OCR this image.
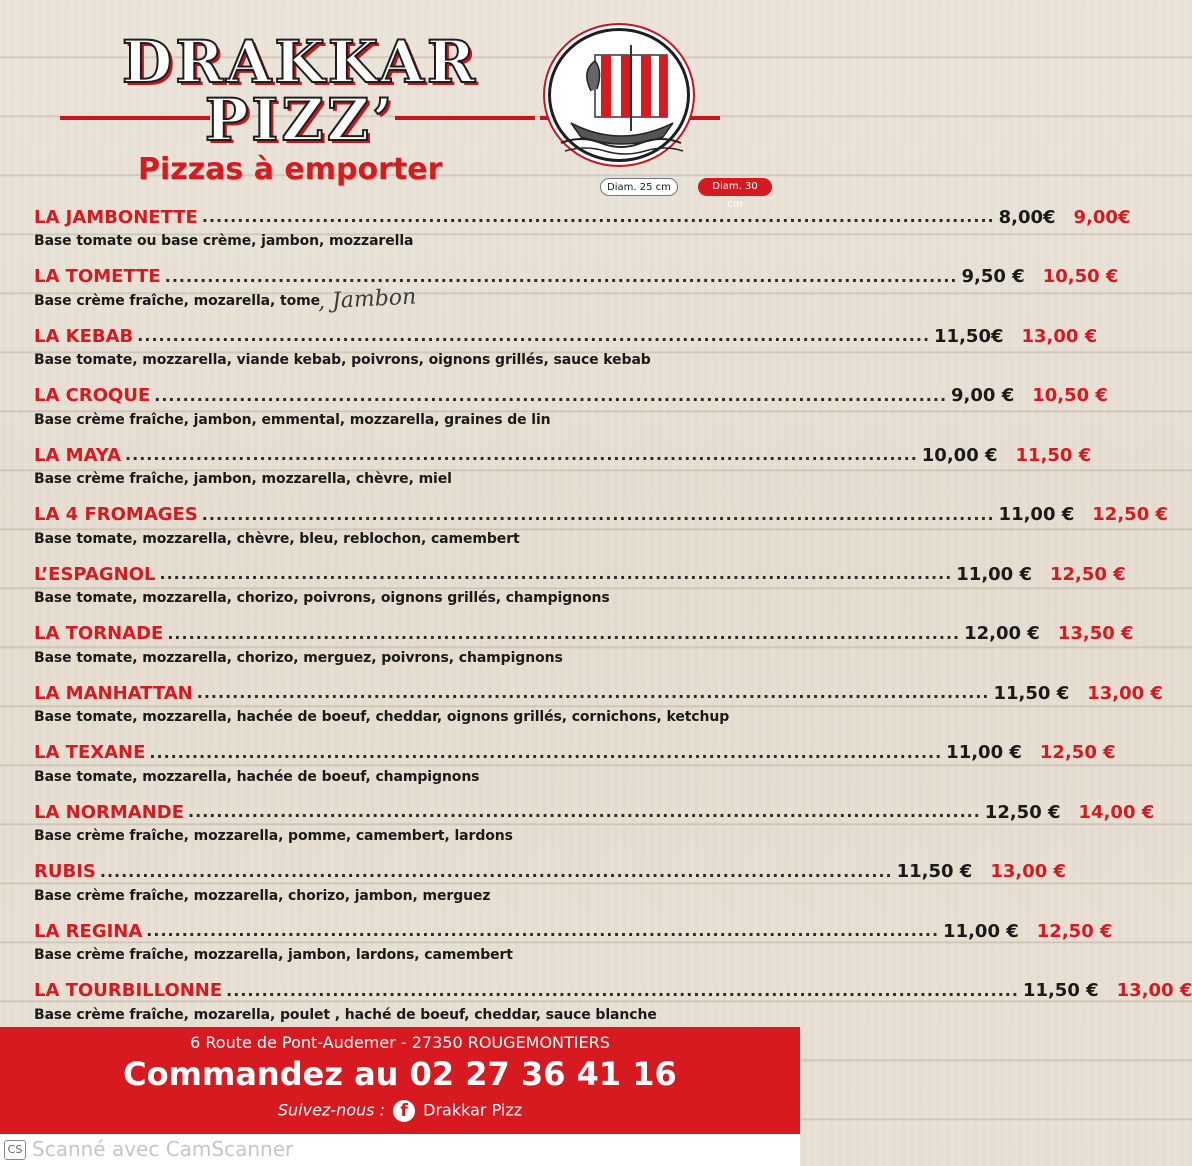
DRAKKAR
PIZZ’
Pizzas à emporter
Diam. 25 cm	Diam. 30 cm
, Jambon
LA JAMBONETTE ................................................................................................................ 8,00€	9,00€
Base tomate ou base crème, jambon, mozzarella
LA TOMETTE ................................................................................................................ 9,50 €	10,50 €
Base crème fraîche, mozarella, tome
LA KEBAB ................................................................................................................ 11,50€	13,00 €
Base tomate, mozzarella, viande kebab, poivrons, oignons grillés, sauce kebab
LA CROQUE ................................................................................................................ 9,00 €	10,50 €
Base crème fraîche, jambon, emmental, mozzarella, graines de lin
LA MAYA ................................................................................................................ 10,00 €	11,50 €
Base crème fraîche, jambon, mozzarella, chèvre, miel
LA 4 FROMAGES ................................................................................................................ 11,00 €	12,50 €
Base tomate, mozzarella, chèvre, bleu, reblochon, camembert
L’ESPAGNOL ................................................................................................................ 11,00 €	12,50 €
Base tomate, mozzarella, chorizo, poivrons, oignons grillés, champignons
LA TORNADE ................................................................................................................ 12,00 €	13,50 €
Base tomate, mozzarella, chorizo, merguez, poivrons, champignons
LA MANHATTAN ................................................................................................................ 11,50 €	13,00 €
Base tomate, mozzarella, hachée de boeuf, cheddar, oignons grillés, cornichons, ketchup
LA TEXANE ................................................................................................................ 11,00 €	12,50 €
Base tomate, mozzarella, hachée de boeuf, champignons
LA NORMANDE ................................................................................................................ 12,50 €	14,00 €
Base crème fraîche, mozzarella, pomme, camembert, lardons
RUBIS ................................................................................................................ 11,50 €	13,00 €
Base crème fraîche, mozzarella, chorizo, jambon, merguez
LA REGINA ................................................................................................................ 11,00 €	12,50 €
Base crème fraîche, mozzarella, jambon, lardons, camembert
LA TOURBILLONNE ................................................................................................................ 11,50 €	13,00 €
Base crème fraîche, mozarella, poulet , haché de boeuf, cheddar, sauce blanche
6 Route de Pont-Audemer - 27350 ROUGEMONTIERS
Commandez au 02 27 36 41 16
Suivez-nous : f Drakkar Pizz
CS Scanné avec CamScanner
